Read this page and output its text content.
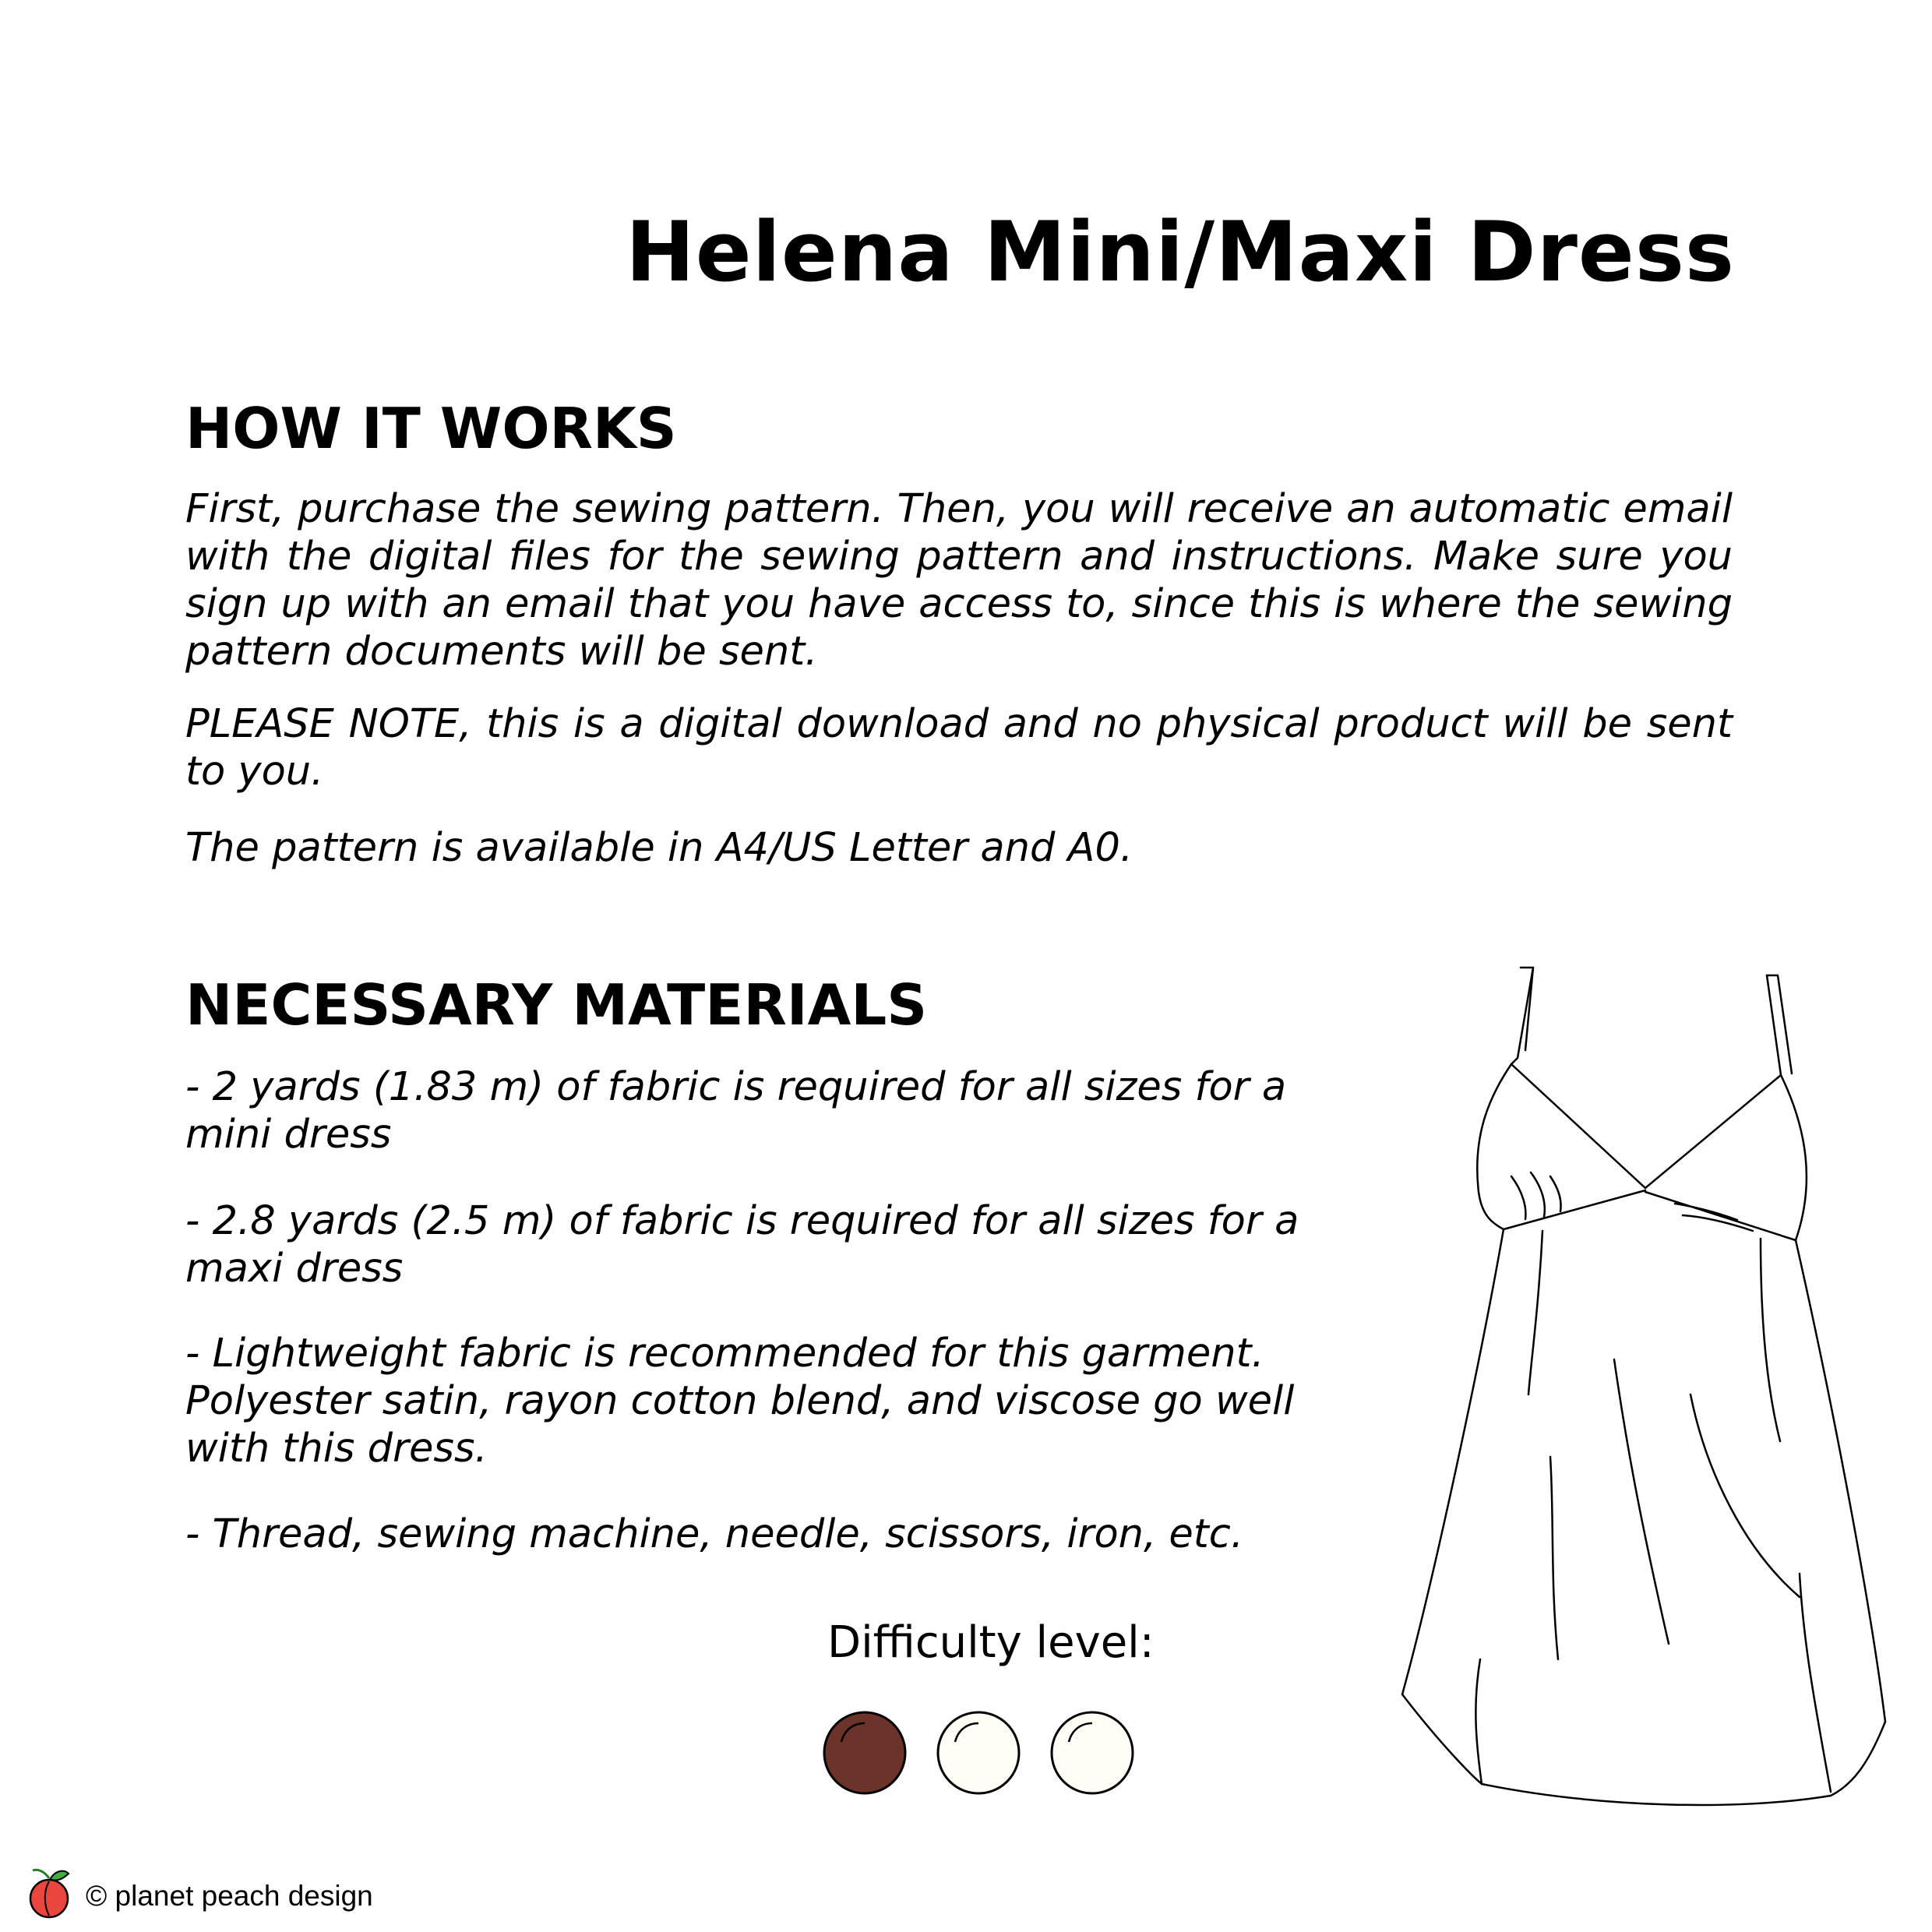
Helena Mini/Maxi Dress
HOW IT WORKS

First, purchase the sewing pattern. Then, you will receive an automatic email with the digital files for the sewing pattern and instructions. Make sure you sign up with an email that you have access to, since this is where the sewing pattern documents will be sent.

PLEASE NOTE, this is a digital download and no physical product will be sent to you.

The pattern is available in A4/US Letter and A0.

NECESSARY MATERIALS

- 2 yards (1.83 m) of fabric is required for all sizes for a mini dress

- 2.8 yards (2.5 m) of fabric is required for all sizes for a maxi dress

- Lightweight fabric is recommended for this garment. Polyester satin, rayon cotton blend, and viscose go well with this dress.

- Thread, sewing machine, needle, scissors, iron, etc.

Difficulty level:

© planet peach design
